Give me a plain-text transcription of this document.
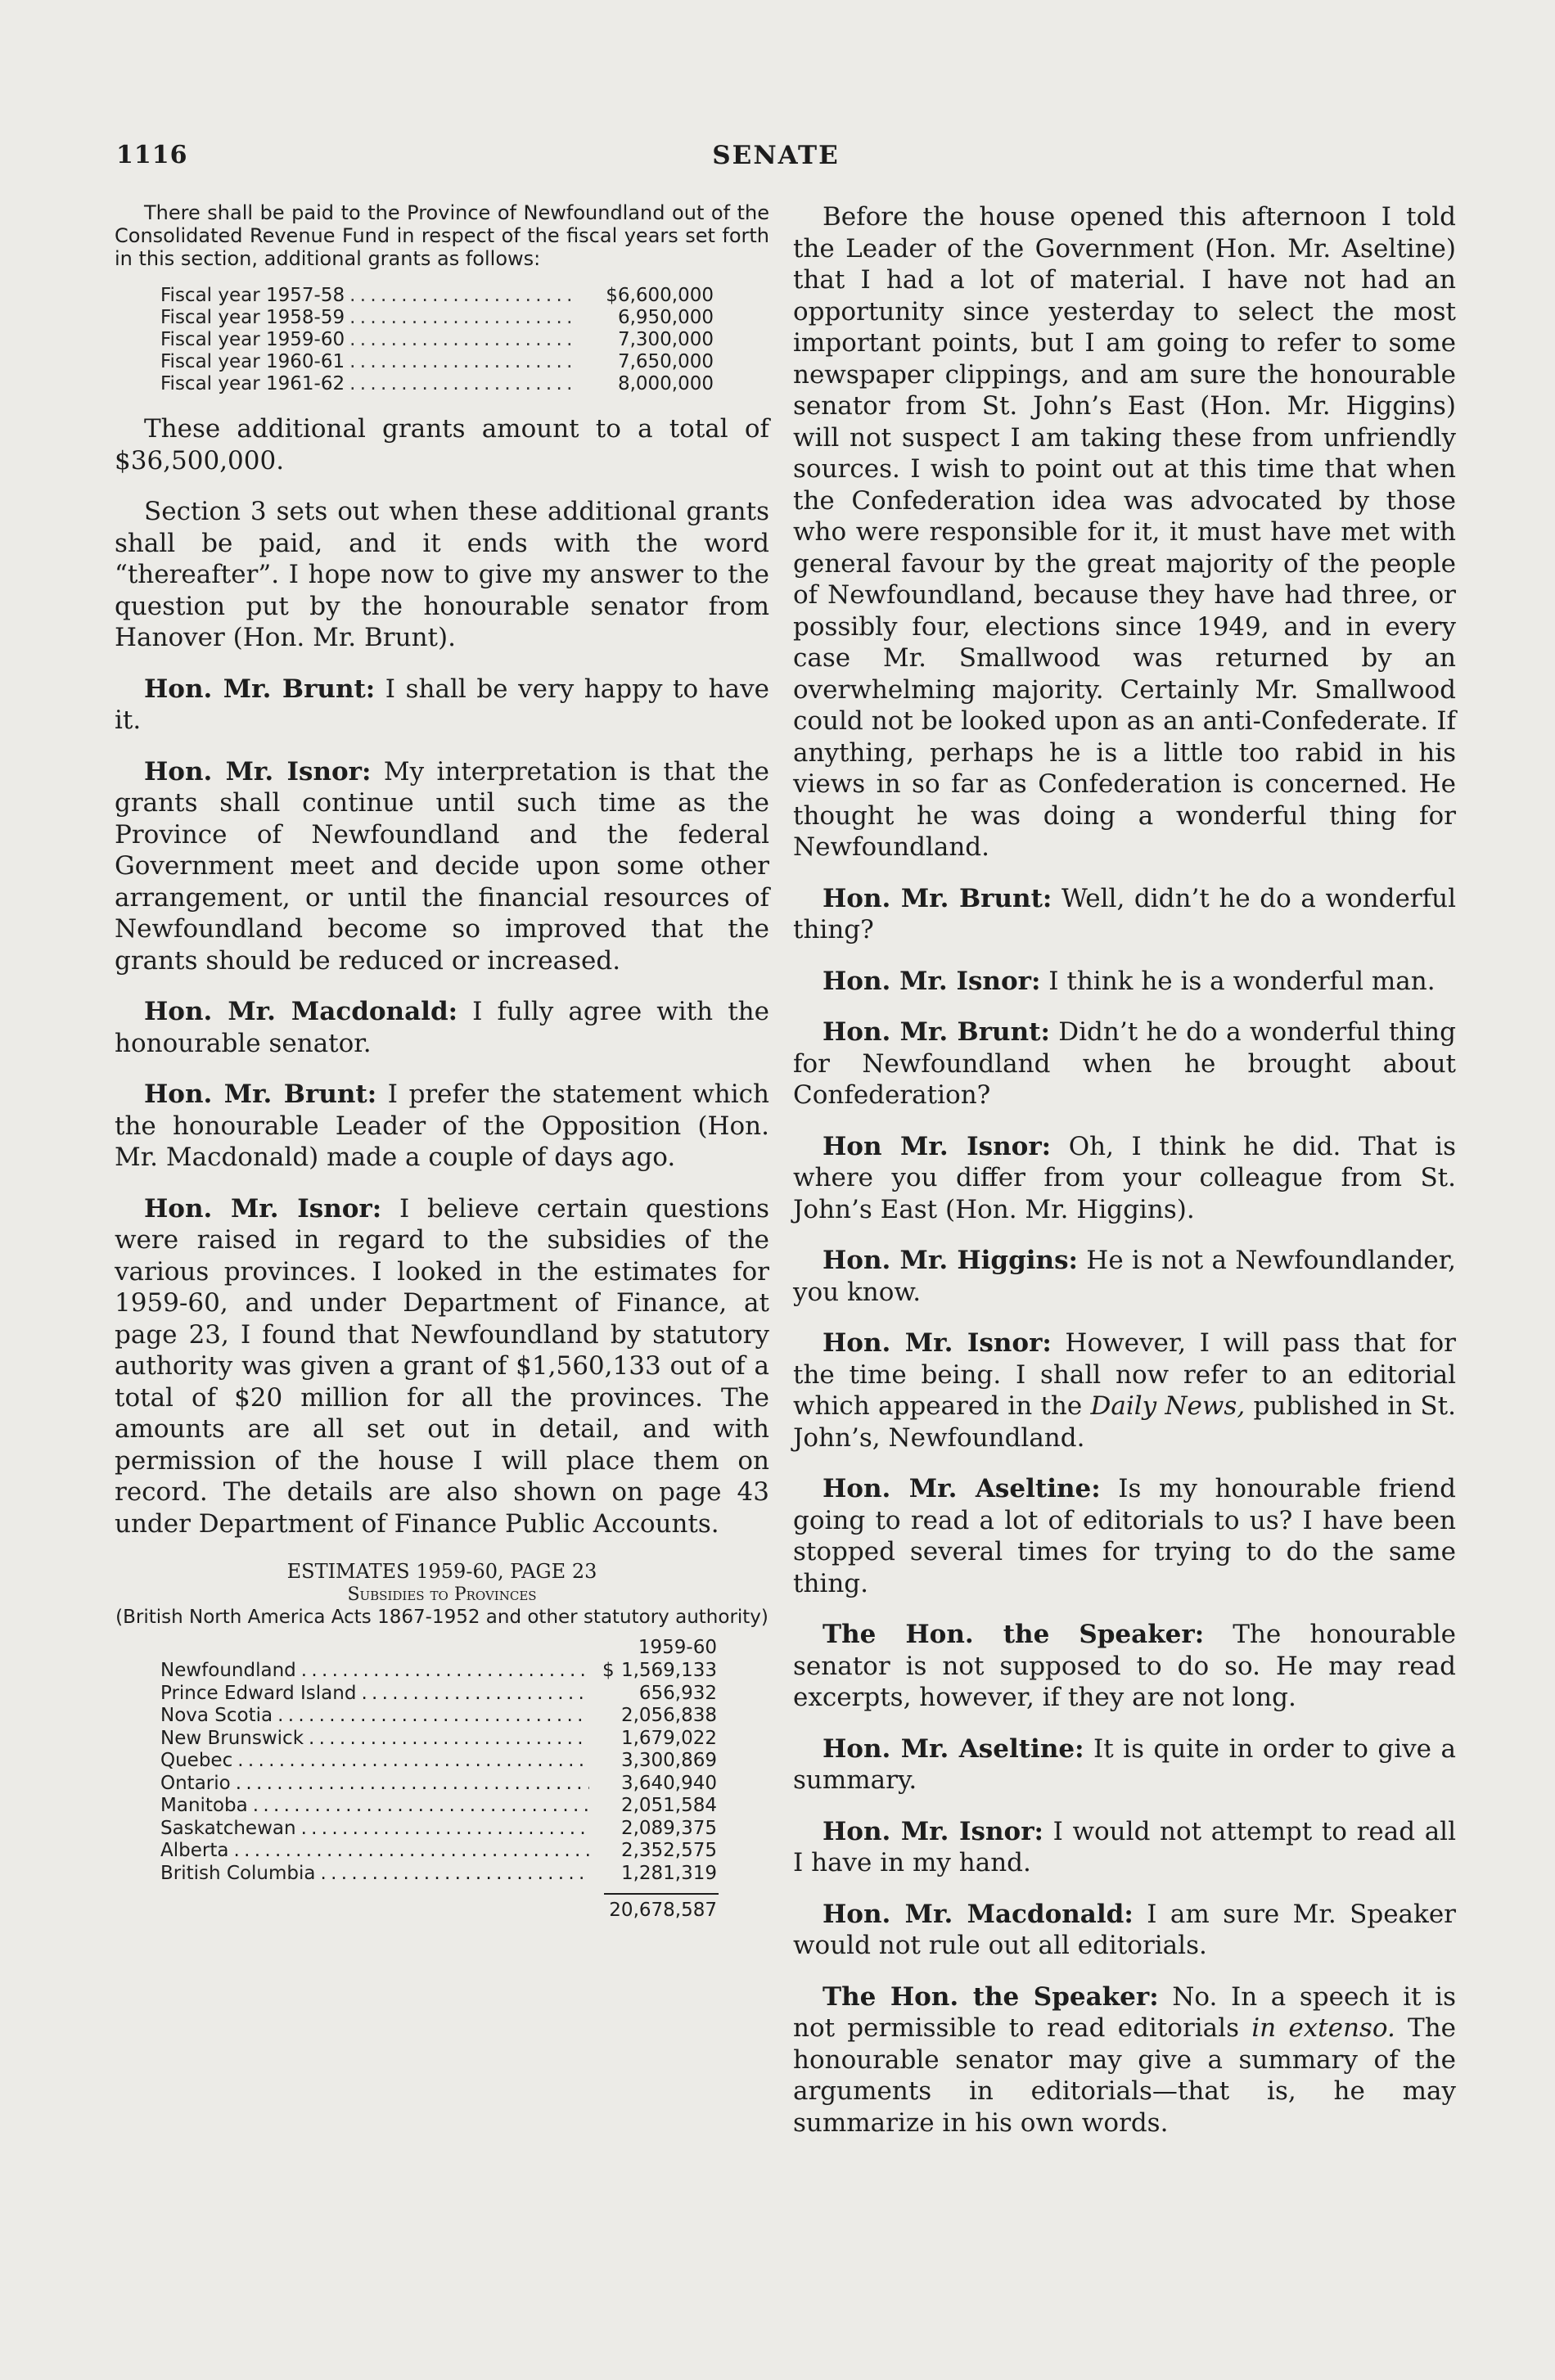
1116	SENATE

There shall be paid to the Province of Newfoundland out of the Consolidated Revenue Fund in respect of the fiscal years set forth in this section, additional grants as follows:

Fiscal year 1957-58 . . .	$6,600,000
Fiscal year 1958-59 . . .	6,950,000
Fiscal year 1959-60 . . .	7,300,000
Fiscal year 1960-61 . . .	7,650,000
Fiscal year 1961-62 . . .	8,000,000

These additional grants amount to a total of $36,500,000.

Section 3 sets out when these additional grants shall be paid, and it ends with the word “thereafter”. I hope now to give my answer to the question put by the honourable senator from Hanover (Hon. Mr. Brunt).

Hon. Mr. Brunt: I shall be very happy to have it.

Hon. Mr. Isnor: My interpretation is that the grants shall continue until such time as the Province of Newfoundland and the federal Government meet and decide upon some other arrangement, or until the financial resources of Newfoundland become so improved that the grants should be reduced or increased.

Hon. Mr. Macdonald: I fully agree with the honourable senator.

Hon. Mr. Brunt: I prefer the statement which the honourable Leader of the Opposition (Hon. Mr. Macdonald) made a couple of days ago.

Hon. Mr. Isnor: I believe certain questions were raised in regard to the subsidies of the various provinces. I looked in the estimates for 1959-60, and under Department of Finance, at page 23, I found that Newfoundland by statutory authority was given a grant of $1,560,133 out of a total of $20 million for all the provinces. The amounts are all set out in detail, and with permission of the house I will place them on record. The details are also shown on page 43 under Department of Finance Public Accounts.

ESTIMATES 1959-60, PAGE 23
Subsidies to Provinces
(British North America Acts 1867-1952 and other statutory authority)
1959-60
Newfoundland . . .	$ 1,569,133
Prince Edward Island . . .	656,932
Nova Scotia . . .	2,056,838
New Brunswick . . .	1,679,022
Quebec . . .	3,300,869
Ontario . . .	3,640,940
Manitoba . . .	2,051,584
Saskatchewan . . .	2,089,375
Alberta . . .	2,352,575
British Columbia . . .	1,281,319
20,678,587

Before the house opened this afternoon I told the Leader of the Government (Hon. Mr. Aseltine) that I had a lot of material. I have not had an opportunity since yesterday to select the most important points, but I am going to refer to some newspaper clippings, and am sure the honourable senator from St. John’s East (Hon. Mr. Higgins) will not suspect I am taking these from unfriendly sources. I wish to point out at this time that when the Confederation idea was advocated by those who were responsible for it, it must have met with general favour by the great majority of the people of Newfoundland, because they have had three, or possibly four, elections since 1949, and in every case Mr. Smallwood was returned by an overwhelming majority. Certainly Mr. Smallwood could not be looked upon as an anti-Confederate. If anything, perhaps he is a little too rabid in his views in so far as Confederation is concerned. He thought he was doing a wonderful thing for Newfoundland.

Hon. Mr. Brunt: Well, didn’t he do a wonderful thing?

Hon. Mr. Isnor: I think he is a wonderful man.

Hon. Mr. Brunt: Didn’t he do a wonderful thing for Newfoundland when he brought about Confederation?

Hon Mr. Isnor: Oh, I think he did. That is where you differ from your colleague from St. John’s East (Hon. Mr. Higgins).

Hon. Mr. Higgins: He is not a Newfoundlander, you know.

Hon. Mr. Isnor: However, I will pass that for the time being. I shall now refer to an editorial which appeared in the Daily News, published in St. John’s, Newfoundland.

Hon. Mr. Aseltine: Is my honourable friend going to read a lot of editorials to us? I have been stopped several times for trying to do the same thing.

The Hon. the Speaker: The honourable senator is not supposed to do so. He may read excerpts, however, if they are not long.

Hon. Mr. Aseltine: It is quite in order to give a summary.

Hon. Mr. Isnor: I would not attempt to read all I have in my hand.

Hon. Mr. Macdonald: I am sure Mr. Speaker would not rule out all editorials.

The Hon. the Speaker: No. In a speech it is not permissible to read editorials in extenso. The honourable senator may give a summary of the arguments in editorials—that is, he may summarize in his own words.
